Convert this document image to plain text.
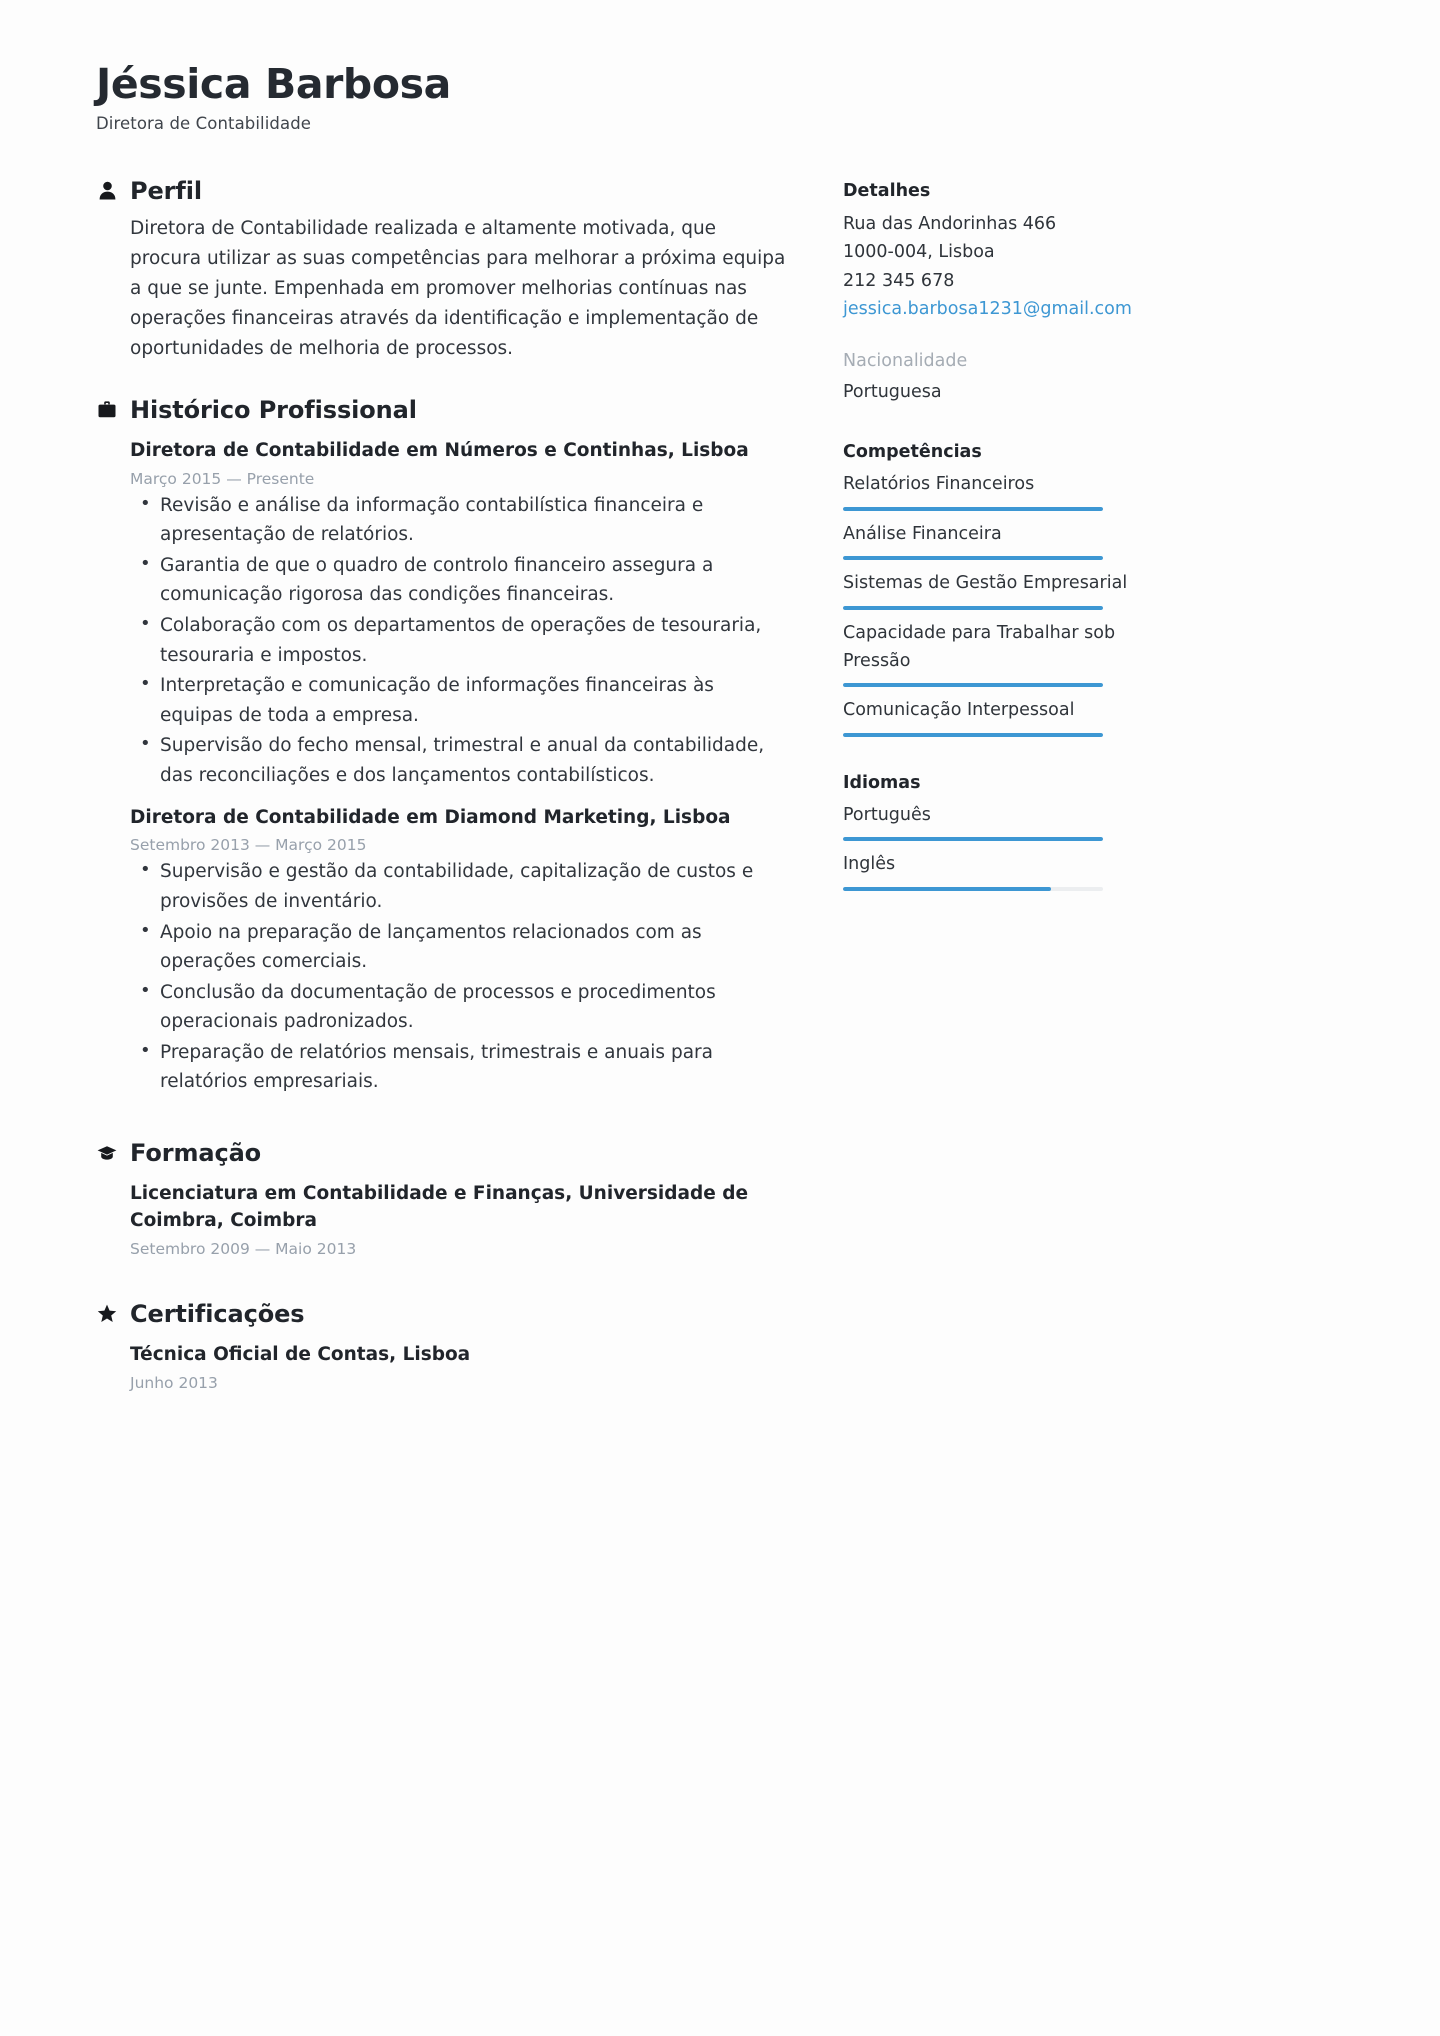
Jéssica Barbosa
Diretora de Contabilidade
Perfil
Diretora de Contabilidade realizada e altamente motivada, que procura utilizar as suas competências para melhorar a próxima equipa a que se junte. Empenhada em promover melhorias contínuas nas operações financeiras através da identificação e implementação de oportunidades de melhoria de processos.
Histórico Profissional
Diretora de Contabilidade em Números e Continhas, Lisboa
Março 2015 — Presente
• Revisão e análise da informação contabilística financeira e apresentação de relatórios.
• Garantia de que o quadro de controlo financeiro assegura a comunicação rigorosa das condições financeiras.
• Colaboração com os departamentos de operações de tesouraria, tesouraria e impostos.
• Interpretação e comunicação de informações financeiras às equipas de toda a empresa.
• Supervisão do fecho mensal, trimestral e anual da contabilidade, das reconciliações e dos lançamentos contabilísticos.
Diretora de Contabilidade em Diamond Marketing, Lisboa
Setembro 2013 — Março 2015
• Supervisão e gestão da contabilidade, capitalização de custos e provisões de inventário.
• Apoio na preparação de lançamentos relacionados com as operações comerciais.
• Conclusão da documentação de processos e procedimentos operacionais padronizados.
• Preparação de relatórios mensais, trimestrais e anuais para relatórios empresariais.
Formação
Licenciatura em Contabilidade e Finanças, Universidade de Coimbra, Coimbra
Setembro 2009 — Maio 2013
Certificações
Técnica Oficial de Contas, Lisboa
Junho 2013
Detalhes
Rua das Andorinhas 466
1000-004, Lisboa
212 345 678
jessica.barbosa1231@gmail.com
Nacionalidade
Portuguesa
Competências
Relatórios Financeiros
Análise Financeira
Sistemas de Gestão Empresarial
Capacidade para Trabalhar sob Pressão
Comunicação Interpessoal
Idiomas
Português
Inglês
